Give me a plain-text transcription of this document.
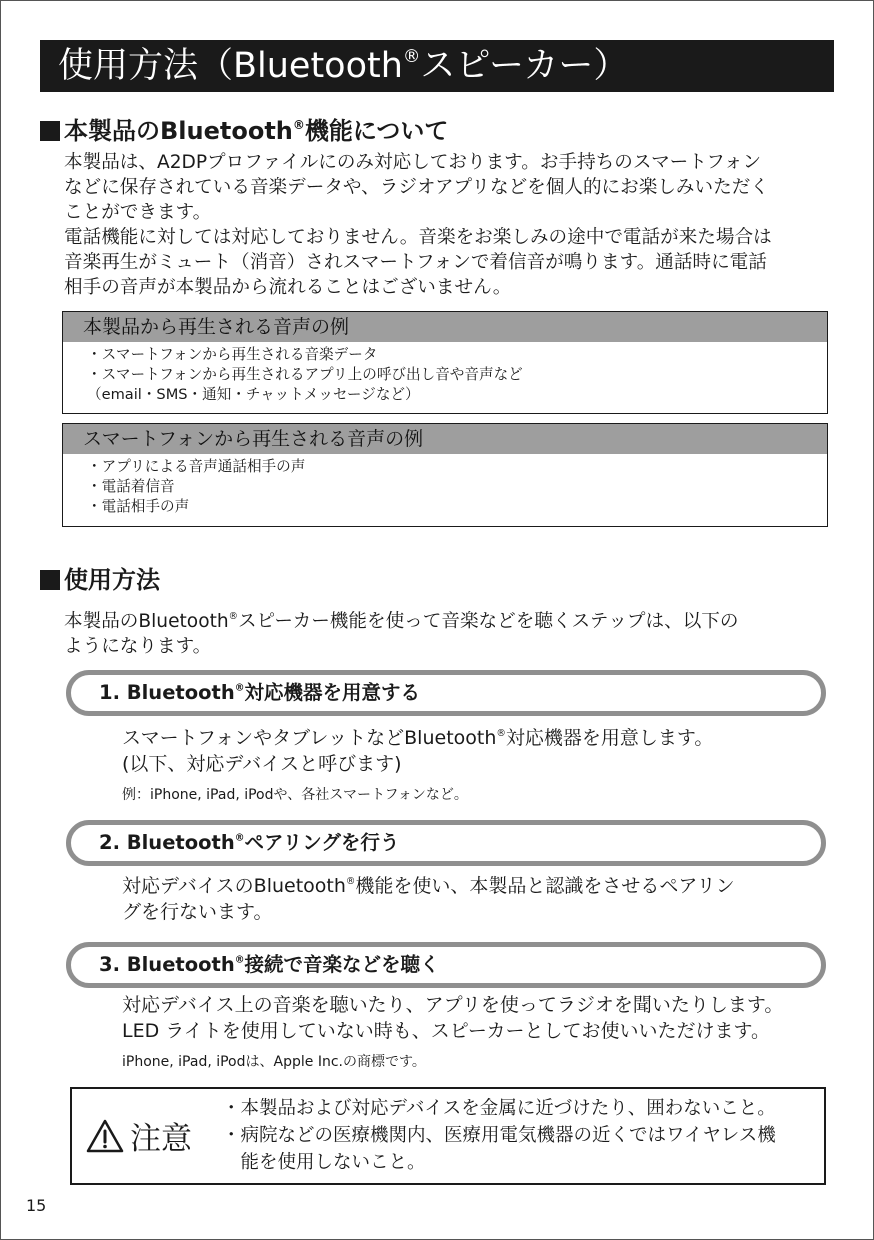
使用方法（Bluetooth®スピーカー）
本製品のBluetooth®機能について

本製品は、A2DPプロファイルにのみ対応しております。お手持ちのスマートフォン

などに保存されている音楽データや、ラジオアプリなどを個人的にお楽しみいただく

ことができます。

電話機能に対しては対応しておりません。音楽をお楽しみの途中で電話が来た場合は

音楽再生がミュート（消音）されスマートフォンで着信音が鳴ります。通話時に電話

相手の音声が本製品から流れることはございません。

本製品から再生される音声の例
・スマートフォンから再生される音楽データ
・スマートフォンから再生されるアプリ上の呼び出し音や音声など
（email・SMS・通知・チャットメッセージなど）
スマートフォンから再生される音声の例
・アプリによる音声通話相手の声
・電話着信音
・電話相手の声
使用方法

本製品のBluetooth®スピーカー機能を使って音楽などを聴くステップは、以下の

ようになります。

1. Bluetooth®対応機器を用意する
スマートフォンやタブレットなどBluetooth®対応機器を用意します。
(以下、対応デバイスと呼びます)
例：iPhone, iPad, iPodや、各社スマートフォンなど。
2. Bluetooth®ペアリングを行う
対応デバイスのBluetooth®機能を使い、本製品と認識をさせるペアリン
グを行ないます。
3. Bluetooth®接続で音楽などを聴く
対応デバイス上の音楽を聴いたり、アプリを使ってラジオを聞いたりします。
LED ライトを使用していない時も、スピーカーとしてお使いいただけます。
iPhone, iPad, iPodは、Apple Inc.の商標です。
注意
・本製品および対応デバイスを金属に近づけたり、囲わないこと。
・病院などの医療機関内、医療用電気機器の近くではワイヤレス機
　能を使用しないこと。
15
